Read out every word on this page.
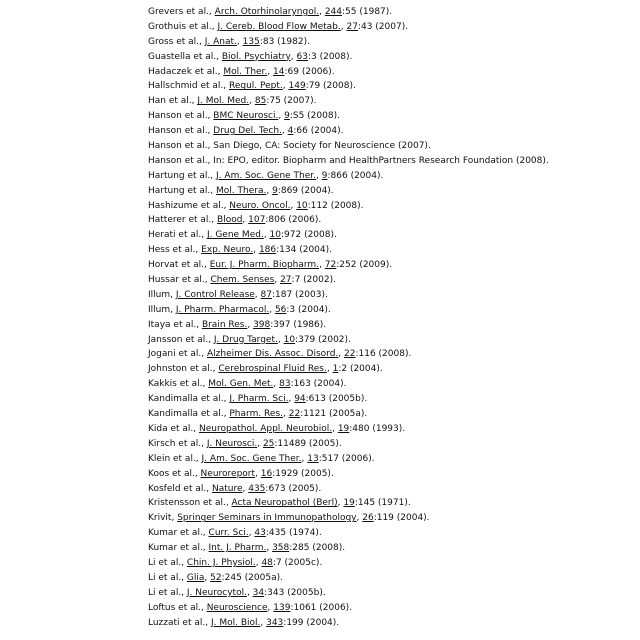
Grevers et al., Arch. Otorhinolaryngol., 244:55 (1987).
Grothuis et al., J. Cereb. Blood Flow Metab., 27:43 (2007).
Gross et al., J. Anat., 135:83 (1982).
Guastella et al., Biol. Psychiatry, 63:3 (2008).
Hadaczek et al., Mol. Ther., 14:69 (2006).
Hallschmid et al., Regul. Pept., 149:79 (2008).
Han et al., J. Mol. Med., 85:75 (2007).
Hanson et al., BMC Neurosci., 9:S5 (2008).
Hanson et al., Drug Del. Tech., 4:66 (2004).
Hanson et al., San Diego, CA: Society for Neuroscience (2007).
Hanson et al., In: EPO, editor. Biopharm and HealthPartners Research Foundation (2008).
Hartung et al., J. Am. Soc. Gene Ther., 9:866 (2004).
Hartung et al., Mol. Thera., 9:869 (2004).
Hashizume et al., Neuro. Oncol., 10:112 (2008).
Hatterer et al., Blood, 107:806 (2006).
Herati et al., J. Gene Med., 10:972 (2008).
Hess et al., Exp. Neuro., 186:134 (2004).
Horvat et al., Eur. J. Pharm. Biopharm., 72:252 (2009).
Hussar et al., Chem. Senses, 27:7 (2002).
Illum, J. Control Release, 87:187 (2003).
Illum, J. Pharm. Pharmacol., 56:3 (2004).
Itaya et al., Brain Res., 398:397 (1986).
Jansson et al., J. Drug Target., 10:379 (2002).
Jogani et al., Alzheimer Dis. Assoc. Disord., 22:116 (2008).
Johnston et al., Cerebrospinal Fluid Res., 1:2 (2004).
Kakkis et al., Mol. Gen. Met., 83:163 (2004).
Kandimalla et al., J. Pharm. Sci., 94:613 (2005b).
Kandimalla et al., Pharm. Res., 22:1121 (2005a).
Kida et al., Neuropathol. Appl. Neurobiol., 19:480 (1993).
Kirsch et al., J. Neurosci., 25:11489 (2005).
Klein et al., J. Am. Soc. Gene Ther., 13:517 (2006).
Koos et al., Neuroreport, 16:1929 (2005).
Kosfeld et al., Nature, 435:673 (2005).
Kristensson et al., Acta Neuropathol (Berl), 19:145 (1971).
Krivit, Springer Seminars in Immunopathology, 26:119 (2004).
Kumar et al., Curr. Sci., 43:435 (1974).
Kumar et al., Int. J. Pharm., 358:285 (2008).
Li et al., Chin. J. Physiol., 48:7 (2005c).
Li et al., Glia, 52:245 (2005a).
Li et al., J. Neurocytol., 34:343 (2005b).
Loftus et al., Neuroscience, 139:1061 (2006).
Luzzati et al., J. Mol. Biol., 343:199 (2004).
